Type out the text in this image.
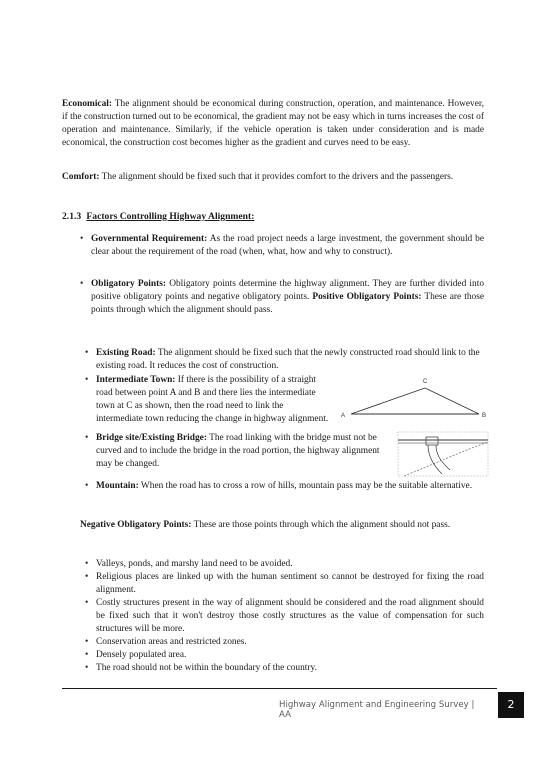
Economical: The alignment should be economical during construction, operation, and maintenance. However, if the construction turned out to be economical, the gradient may not be easy which in turns increases the cost of operation and maintenance. Similarly, if the vehicle operation is taken under consideration and is made economical, the construction cost becomes higher as the gradient and curves need to be easy.

Comfort: The alignment should be fixed such that it provides comfort to the drivers and the passengers.

2.1.3 Factors Controlling Highway Alignment:
• Governmental Requirement: As the road project needs a large investment, the government should be clear about the requirement of the road (when, what, how and why to construct).

• Obligatory Points: Obligatory points determine the highway alignment. They are further divided into positive obligatory points and negative obligatory points. Positive Obligatory Points: These are those points through which the alignment should pass.

• Existing Road: The alignment should be fixed such that the newly constructed road should link to the existing road. It reduces the cost of construction.

• Intermediate Town: If there is the possibility of a straight road between point A and B and there lies the intermediate town at C as shown, then the road need to link the intermediate town reducing the change in highway alignment.	A	B
C
• Bridge site/Existing Bridge: The road linking with the bridge must not be curved and to include the bridge in the road portion, the highway alignment may be changed.

• Mountain: When the road has to cross a row of hills, mountain pass may be the suitable alternative.

Negative Obligatory Points: These are those points through which the alignment should not pass.

• Valleys, ponds, and marshy land need to be avoided.

• Religious places are linked up with the human sentiment so cannot be destroyed for fixing the road alignment.

• Costly structures present in the way of alignment should be considered and the road alignment should be fixed such that it won't destroy those costly structures as the value of compensation for such structures will be more.

• Conservation areas and restricted zones.

• Densely populated area.

• The road should not be within the boundary of the country.

Highway Alignment and Engineering Survey | AA
2
